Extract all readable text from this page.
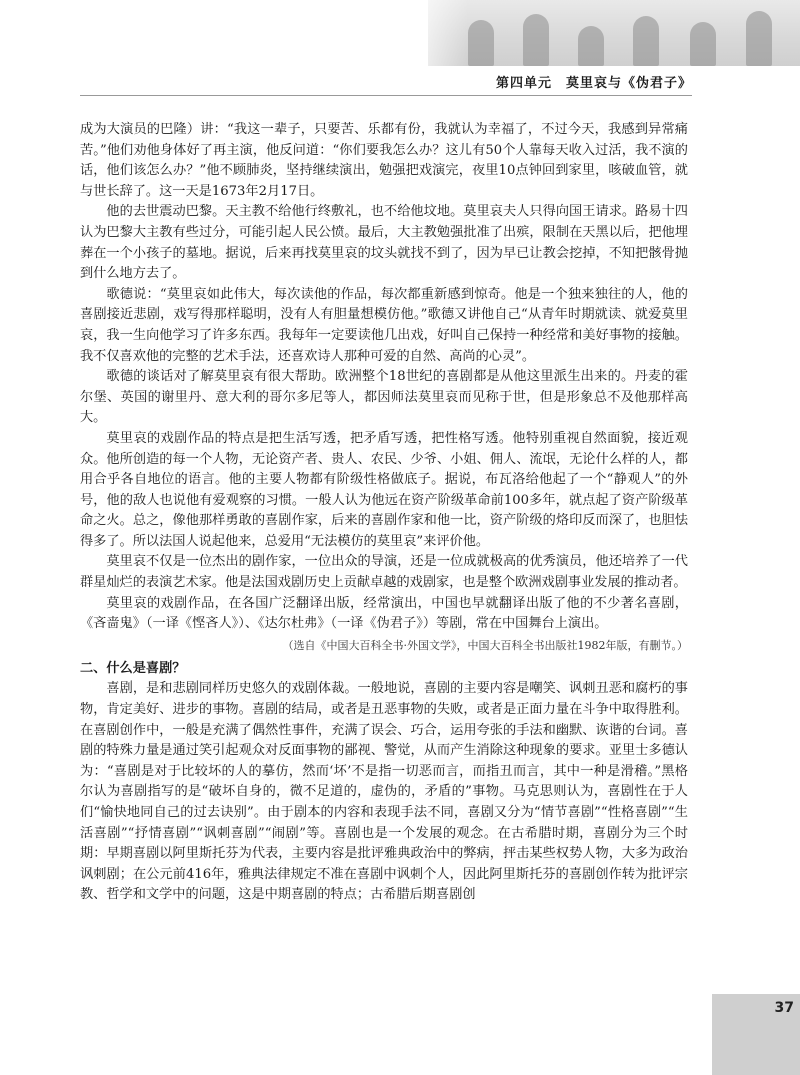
第四单元　莫里哀与《伪君子》

成为大演员的巴隆）讲：“我这一辈子，只要苦、乐都有份，我就认为幸福了，不过今天，我感到异常痛苦。”他们劝他身体好了再主演，他反问道：“你们要我怎么办？这儿有50个人靠每天收入过活，我不演的话，他们该怎么办？”他不顾肺炎，坚持继续演出，勉强把戏演完，夜里10点钟回到家里，咳破血管，就与世长辞了。这一天是1673年2月17日。

他的去世震动巴黎。天主教不给他行终敷礼，也不给他坟地。莫里哀夫人只得向国王请求。路易十四认为巴黎大主教有些过分，可能引起人民公愤。最后，大主教勉强批准了出殡，限制在天黑以后，把他埋葬在一个小孩子的墓地。据说，后来再找莫里哀的坟头就找不到了，因为早已让教会挖掉，不知把骸骨抛到什么地方去了。

歌德说：“莫里哀如此伟大，每次读他的作品，每次都重新感到惊奇。他是一个独来独往的人，他的喜剧接近悲剧，戏写得那样聪明，没有人有胆量想模仿他。”歌德又讲他自己“从青年时期就读、就爱莫里哀，我一生向他学习了许多东西。我每年一定要读他几出戏，好叫自己保持一种经常和美好事物的接触。我不仅喜欢他的完整的艺术手法，还喜欢诗人那种可爱的自然、高尚的心灵”。

歌德的谈话对了解莫里哀有很大帮助。欧洲整个18世纪的喜剧都是从他这里派生出来的。丹麦的霍尔堡、英国的谢里丹、意大利的哥尔多尼等人，都因师法莫里哀而见称于世，但是形象总不及他那样高大。

莫里哀的戏剧作品的特点是把生活写透，把矛盾写透，把性格写透。他特别重视自然面貌，接近观众。他所创造的每一个人物，无论资产者、贵人、农民、少爷、小姐、佣人、流氓，无论什么样的人，都用合乎各自地位的语言。他的主要人物都有阶级性格做底子。据说，布瓦洛给他起了一个“静观人”的外号，他的敌人也说他有爱观察的习惯。一般人认为他远在资产阶级革命前100多年，就点起了资产阶级革命之火。总之，像他那样勇敢的喜剧作家，后来的喜剧作家和他一比，资产阶级的烙印反而深了，也胆怯得多了。所以法国人说起他来，总爱用“无法模仿的莫里哀”来评价他。

莫里哀不仅是一位杰出的剧作家，一位出众的导演，还是一位成就极高的优秀演员，他还培养了一代群星灿烂的表演艺术家。他是法国戏剧历史上贡献卓越的戏剧家，也是整个欧洲戏剧事业发展的推动者。

莫里哀的戏剧作品，在各国广泛翻译出版，经常演出，中国也早就翻译出版了他的不少著名喜剧，《吝啬鬼》（一译《悭吝人》）、《达尔杜弗》（一译《伪君子》）等剧，常在中国舞台上演出。

（选自《中国大百科全书·外国文学》，中国大百科全书出版社1982年版，有删节。）

二、什么是喜剧？

喜剧，是和悲剧同样历史悠久的戏剧体裁。一般地说，喜剧的主要内容是嘲笑、讽刺丑恶和腐朽的事物，肯定美好、进步的事物。喜剧的结局，或者是丑恶事物的失败，或者是正面力量在斗争中取得胜利。在喜剧创作中，一般是充满了偶然性事件，充满了误会、巧合，运用夸张的手法和幽默、诙谐的台词。喜剧的特殊力量是通过笑引起观众对反面事物的鄙视、警觉，从而产生消除这种现象的要求。亚里士多德认为：“喜剧是对于比较坏的人的摹仿，然而‘坏’不是指一切恶而言，而指丑而言，其中一种是滑稽。”黑格尔认为喜剧指写的是“破坏自身的，微不足道的，虚伪的，矛盾的”事物。马克思则认为，喜剧性在于人们“愉快地同自己的过去诀别”。由于剧本的内容和表现手法不同，喜剧又分为“情节喜剧”“性格喜剧”“生活喜剧”“抒情喜剧”“讽刺喜剧”“闹剧”等。喜剧也是一个发展的观念。在古希腊时期，喜剧分为三个时期：早期喜剧以阿里斯托芬为代表，主要内容是批评雅典政治中的弊病，抨击某些权势人物，大多为政治讽刺剧；在公元前416年，雅典法律规定不准在喜剧中讽刺个人，因此阿里斯托芬的喜剧创作转为批评宗教、哲学和文学中的问题，这是中期喜剧的特点；古希腊后期喜剧创

37
